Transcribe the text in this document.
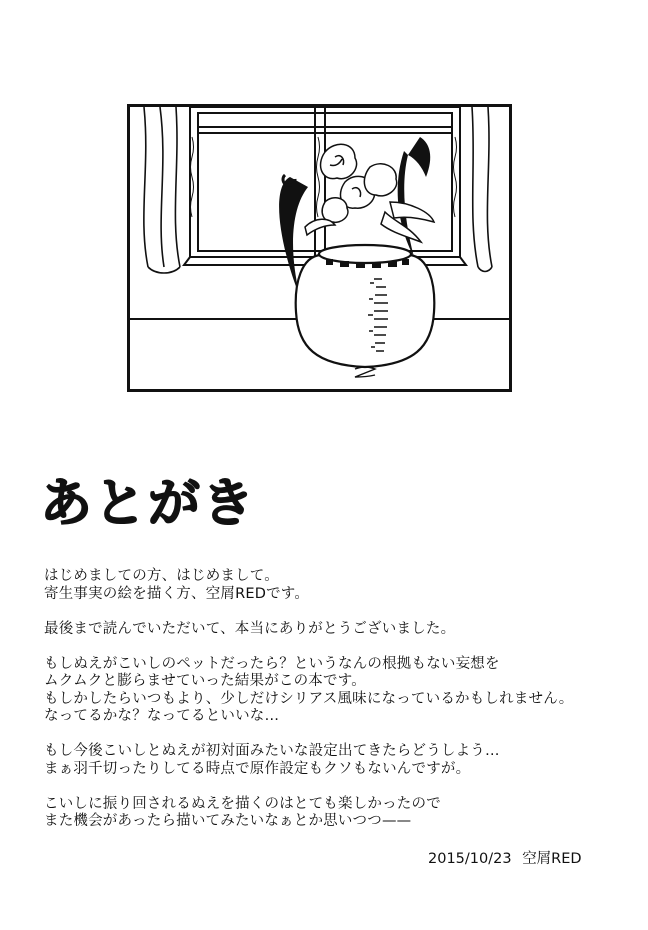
あとがき
はじめましての方、はじめまして。
寄生事実の絵を描く方、空屑REDです。
最後まで読んでいただいて、本当にありがとうございました。
もしぬえがこいしのペットだったら？というなんの根拠もない妄想を
ムクムクと膨らませていった結果がこの本です。
もしかしたらいつもより、少しだけシリアス風味になっているかもしれません。
なってるかな？なってるといいな…
もし今後こいしとぬえが初対面みたいな設定出てきたらどうしよう…
まぁ羽千切ったりしてる時点で原作設定もクソもないんですが。
こいしに振り回されるぬえを描くのはとても楽しかったので
また機会があったら描いてみたいなぁとか思いつつ——
2015/10/23 空屑RED
